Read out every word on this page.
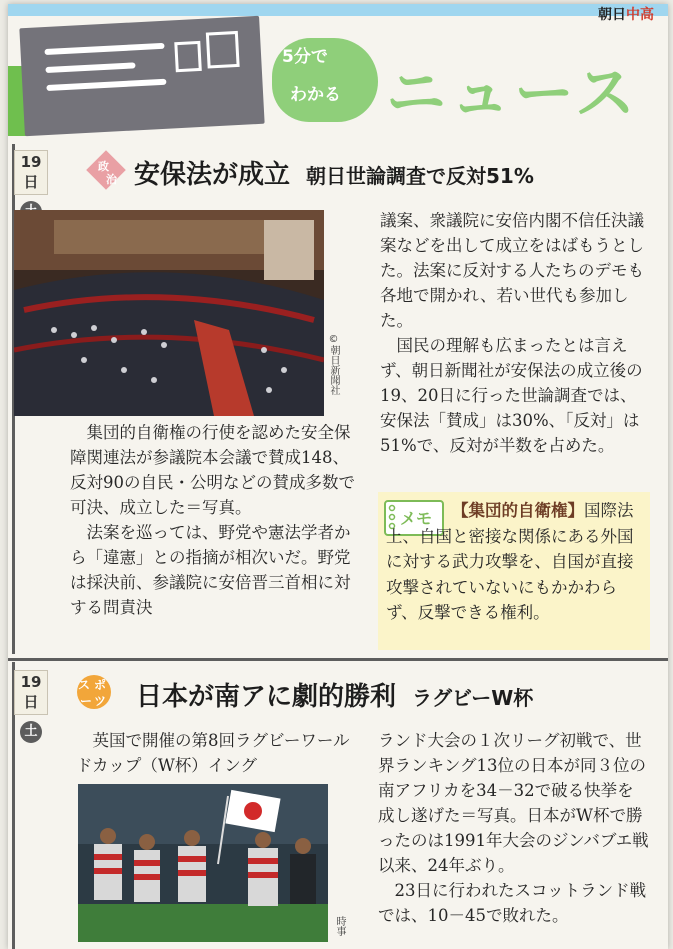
朝日中高
5分で
わかる ニュース
19日
政
治 安保法が成立 朝日世論調査で反対51%
©朝日新聞社

集団的自衛権の行使を認めた安全保障関連法が参議院本会議で賛成148、反対90の自民・公明などの賛成多数で可決、成立した＝写真。

法案を巡っては、野党や憲法学者から「違憲」との指摘が相次いだ。野党は採決前、参議院に安倍晋三首相に対する問責決

議案、衆議院に安倍内閣不信任決議案などを出して成立をはばもうとした。法案に反対する人たちのデモも各地で開かれ、若い世代も参加した。

国民の理解も広まったとは言えず、朝日新聞社が安保法の成立後の19、20日に行った世論調査では、安保法「賛成」は30%、「反対」は51%で、反対が半数を占めた。

メモ	【集団的自衛権】国際法上、自国と密接な関係にある外国に対する武力攻撃を、自国が直接攻撃されていないにもかかわらず、反撃できる権利。
19日
土
ス ポ
ー ツ 日本が南アに劇的勝利 ラグビーW杯

英国で開催の第8回ラグビーワールドカップ（W杯）イング

時事

ランド大会の１次リーグ初戦で、世界ランキング13位の日本が同３位の南アフリカを34－32で破る快挙を成し遂げた＝写真。日本がW杯で勝ったのは1991年大会のジンバブエ戦以来、24年ぶり。

23日に行われたスコットランド戦では、10－45で敗れた。
